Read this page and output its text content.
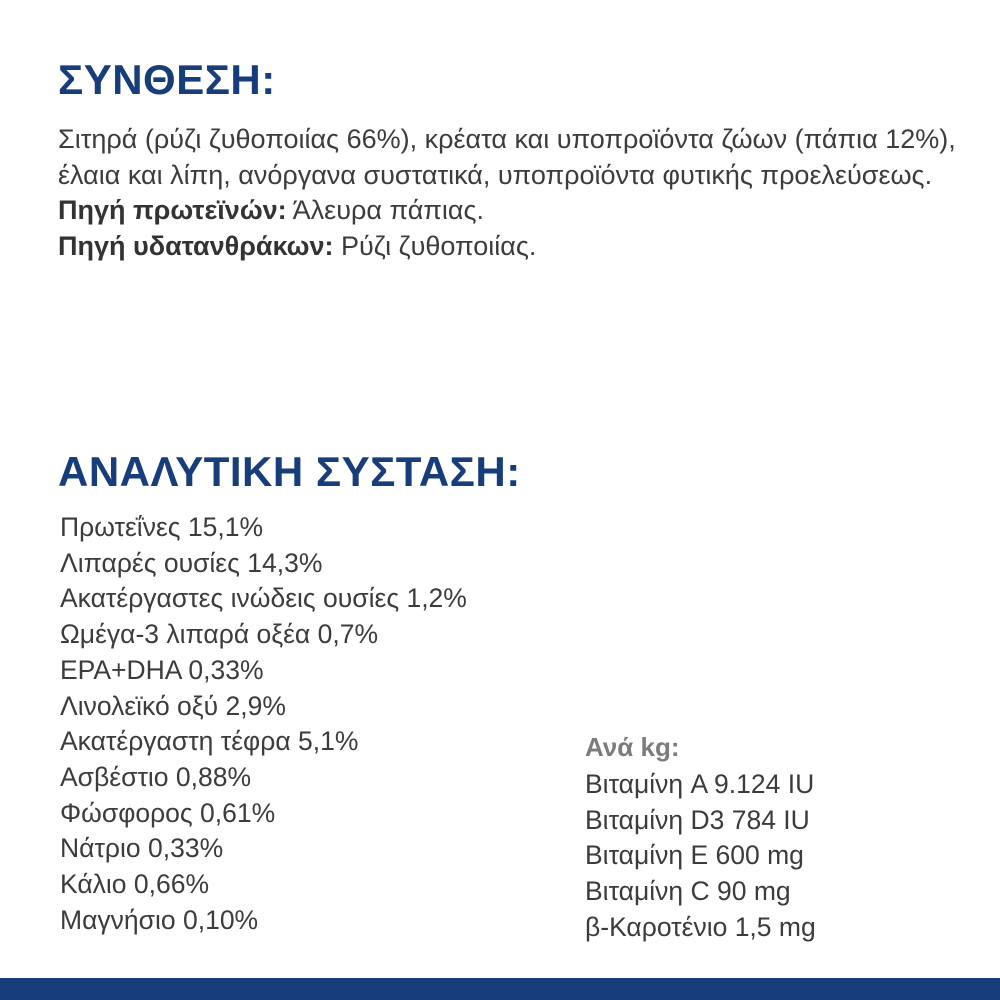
ΣΥΝΘΕΣΗ:

Σιτηρά (ρύζι ζυθοποιίας 66%), κρέατα και υποπροϊόντα ζώων (πάπια 12%), έλαια και λίπη, ανόργανα συστατικά, υποπροϊόντα φυτικής προελεύσεως.

Πηγή πρωτεϊνών: Άλευρα πάπιας.

Πηγή υδατανθράκων: Ρύζι ζυθοποιίας.

ΑΝΑΛΥΤΙΚΗ ΣΥΣΤΑΣΗ:
Πρωτεΐνες 15,1%
Λιπαρές ουσίες 14,3%
Ακατέργαστες ινώδεις ουσίες 1,2%
Ωμέγα-3 λιπαρά οξέα 0,7%
EPA+DHA 0,33%
Λινολεϊκό οξύ 2,9%
Ακατέργαστη τέφρα 5,1%
Ασβέστιο 0,88%
Φώσφορος 0,61%
Νάτριο 0,33%
Κάλιο 0,66%
Μαγνήσιο 0,10%
Ανά kg:
Βιταμίνη A 9.124 IU
Βιταμίνη D3 784 IU
Βιταμίνη E 600 mg
Βιταμίνη C 90 mg
β-Καροτένιο 1,5 mg
